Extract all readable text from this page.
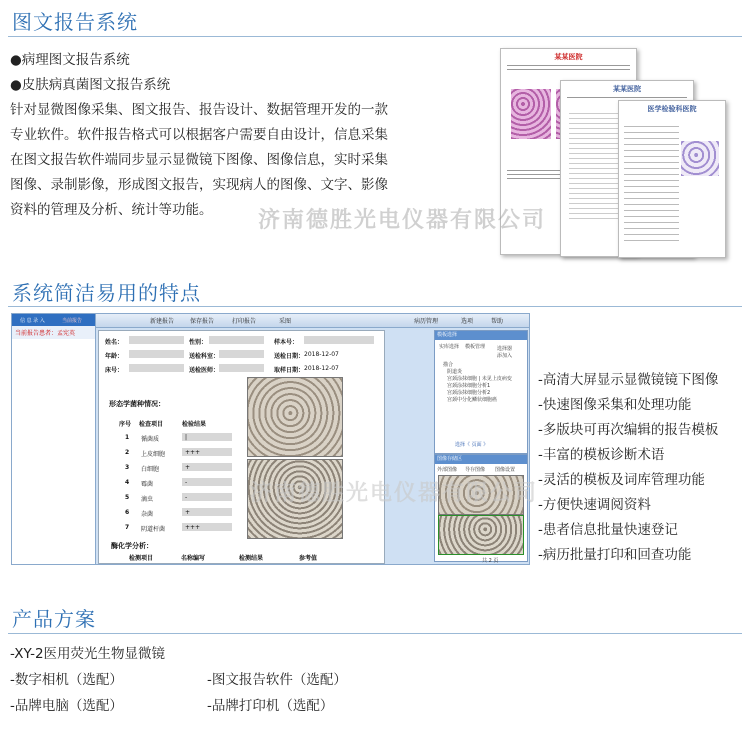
图文报告系统
●病理图文报告系统
●皮肤病真菌图文报告系统
针对显微图像采集、图文报告、报告设计、数据管理开发的一款
专业软件。软件报告格式可以根据客户需要自由设计，信息采集
在图文报告软件端同步显示显微镜下图像、图像信息，实时采集
图像、录制影像，形成图文报告，实现病人的图像、文字、影像
资料的管理及分析、统计等功能。
某某医院
某某医院
医学检验科医院
济南德胜光电仪器有限公司
系统简洁易用的特点
信 息 录 入	当前报告
当前报告患者：孟宪英
新建报告	保存报告	打印报告	采图	病历管理	选项	帮助
姓名：	性别：	样本号：
年龄：	送检科室：	送检日期： 2018-12-07
床号：	送检医师：	取样日期： 2018-12-07
形态学菌种情况：
序号 检查项目	检验结果
1 循菌质	|
2 上皮细胞	+++
3 白细胞	+
4 霉菌	-
5 滴虫	-
6 杂菌	+
7 阴道杆菌	+++
酶化学分析：
检测项目	名称编写	检测结果	参考值
模板选择
实库选择 模板管理 选择器
添加入
描合
阴道炎
宫颈涂抹细胞 | 未见上皮病变
宫颈涂抹细胞分析1
宫颈涂抹细胞分析2
宫颈中分化鳞状细胞癌
选择《 页面 》
图像存储区
外部图像 导存图像 图像设置
共 2 页
济南德胜光电仪器有限公司
-高清大屏显示显微镜镜下图像
-快速图像采集和处理功能
-多版块可再次编辑的报告模板
-丰富的模板诊断术语
-灵活的模板及词库管理功能
-方便快速调阅资料
-患者信息批量快速登记
-病历批量打印和回查功能
产品方案
-XY-2医用荧光生物显微镜
-数字相机（选配）	-图文报告软件（选配）
-品牌电脑（选配）	-品牌打印机（选配）
